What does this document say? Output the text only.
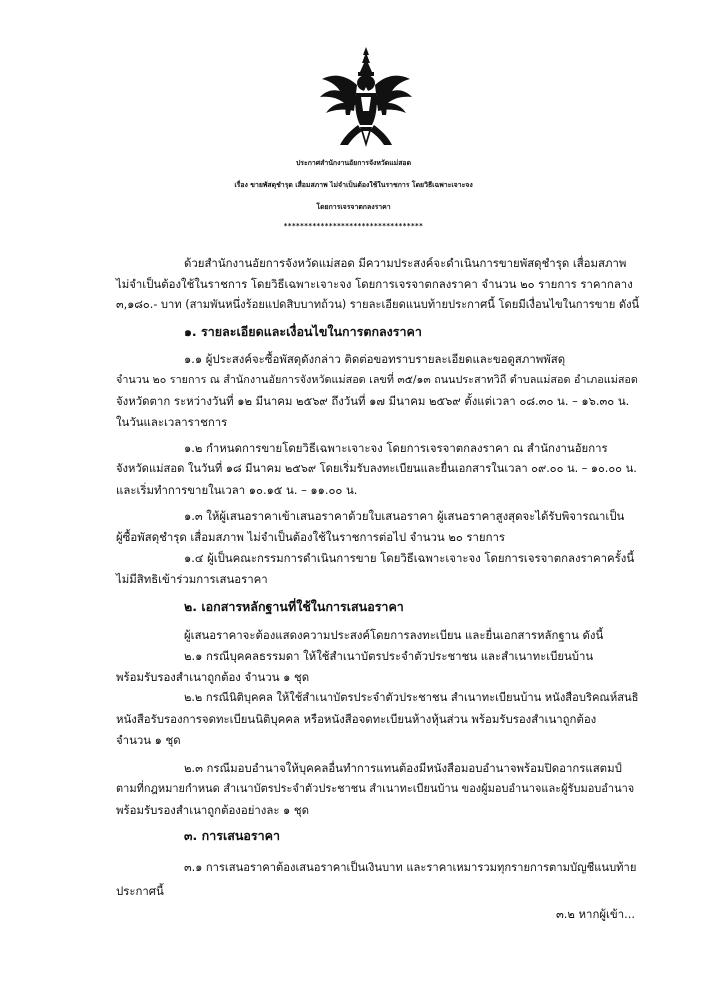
ประกาศสำนักงานอัยการจังหวัดแม่สอด
เรื่อง ขายพัสดุชำรุด เสื่อมสภาพ ไม่จำเป็นต้องใช้ในราชการ โดยวิธีเฉพาะเจาะจง
โดยการเจรจาตกลงราคา
**********************************
ด้วยสำนักงานอัยการจังหวัดแม่สอด มีความประสงค์จะดำเนินการขายพัสดุชำรุด เสื่อมสภาพ
ไม่จำเป็นต้องใช้ในราชการ โดยวิธีเฉพาะเจาะจง โดยการเจรจาตกลงราคา จำนวน ๒๐ รายการ ราคากลาง
๓,๑๘๐.- บาท (สามพันหนึ่งร้อยแปดสิบบาทถ้วน) รายละเอียดแนบท้ายประกาศนี้ โดยมีเงื่อนไขในการขาย ดังนี้
๑. รายละเอียดและเงื่อนไขในการตกลงราคา
๑.๑ ผู้ประสงค์จะซื้อพัสดุดังกล่าว ติดต่อขอทราบรายละเอียดและขอดูสภาพพัสดุ
จำนวน ๒๐ รายการ ณ สำนักงานอัยการจังหวัดแม่สอด เลขที่ ๓๕/๑๓ ถนนประสาทวิถี ตำบลแม่สอด อำเภอแม่สอด
จังหวัดตาก ระหว่างวันที่ ๑๒ มีนาคม ๒๕๖๙ ถึงวันที่ ๑๗ มีนาคม ๒๕๖๙ ตั้งแต่เวลา ๐๘.๓๐ น. – ๑๖.๓๐ น.
ในวันและเวลาราชการ
๑.๒ กำหนดการขายโดยวิธีเฉพาะเจาะจง โดยการเจรจาตกลงราคา ณ สำนักงานอัยการ
จังหวัดแม่สอด ในวันที่ ๑๘ มีนาคม ๒๕๖๙ โดยเริ่มรับลงทะเบียนและยื่นเอกสารในเวลา ๐๙.๐๐ น. – ๑๐.๐๐ น.
และเริ่มทำการขายในเวลา ๑๐.๑๕ น. – ๑๑.๐๐ น.
๑.๓ ให้ผู้เสนอราคาเข้าเสนอราคาด้วยใบเสนอราคา ผู้เสนอราคาสูงสุดจะได้รับพิจารณาเป็น
ผู้ซื้อพัสดุชำรุด เสื่อมสภาพ ไม่จำเป็นต้องใช้ในราชการต่อไป จำนวน ๒๐ รายการ
๑.๔ ผู้เป็นคณะกรรมการดำเนินการขาย โดยวิธีเฉพาะเจาะจง โดยการเจรจาตกลงราคาครั้งนี้
ไม่มีสิทธิเข้าร่วมการเสนอราคา
๒. เอกสารหลักฐานที่ใช้ในการเสนอราคา
ผู้เสนอราคาจะต้องแสดงความประสงค์โดยการลงทะเบียน และยื่นเอกสารหลักฐาน ดังนี้
๒.๑ กรณีบุคคลธรรมดา ให้ใช้สำเนาบัตรประจำตัวประชาชน และสำเนาทะเบียนบ้าน
พร้อมรับรองสำเนาถูกต้อง จำนวน ๑ ชุด
๒.๒ กรณีนิติบุคคล ให้ใช้สำเนาบัตรประจำตัวประชาชน สำเนาทะเบียนบ้าน หนังสือบริคณห์สนธิ
หนังสือรับรองการจดทะเบียนนิติบุคคล หรือหนังสือจดทะเบียนห้างหุ้นส่วน พร้อมรับรองสำเนาถูกต้อง
จำนวน ๑ ชุด
๒.๓ กรณีมอบอำนาจให้บุคคลอื่นทำการแทนต้องมีหนังสือมอบอำนาจพร้อมปิดอากรแสตมป์
ตามที่กฎหมายกำหนด สำเนาบัตรประจำตัวประชาชน สำเนาทะเบียนบ้าน ของผู้มอบอำนาจและผู้รับมอบอำนาจ
พร้อมรับรองสำเนาถูกต้องอย่างละ ๑ ชุด
๓. การเสนอราคา
๓.๑ การเสนอราคาต้องเสนอราคาเป็นเงินบาท และราคาเหมารวมทุกรายการตามบัญชีแนบท้าย
ประกาศนี้
๓.๒ หากผู้เข้า...
